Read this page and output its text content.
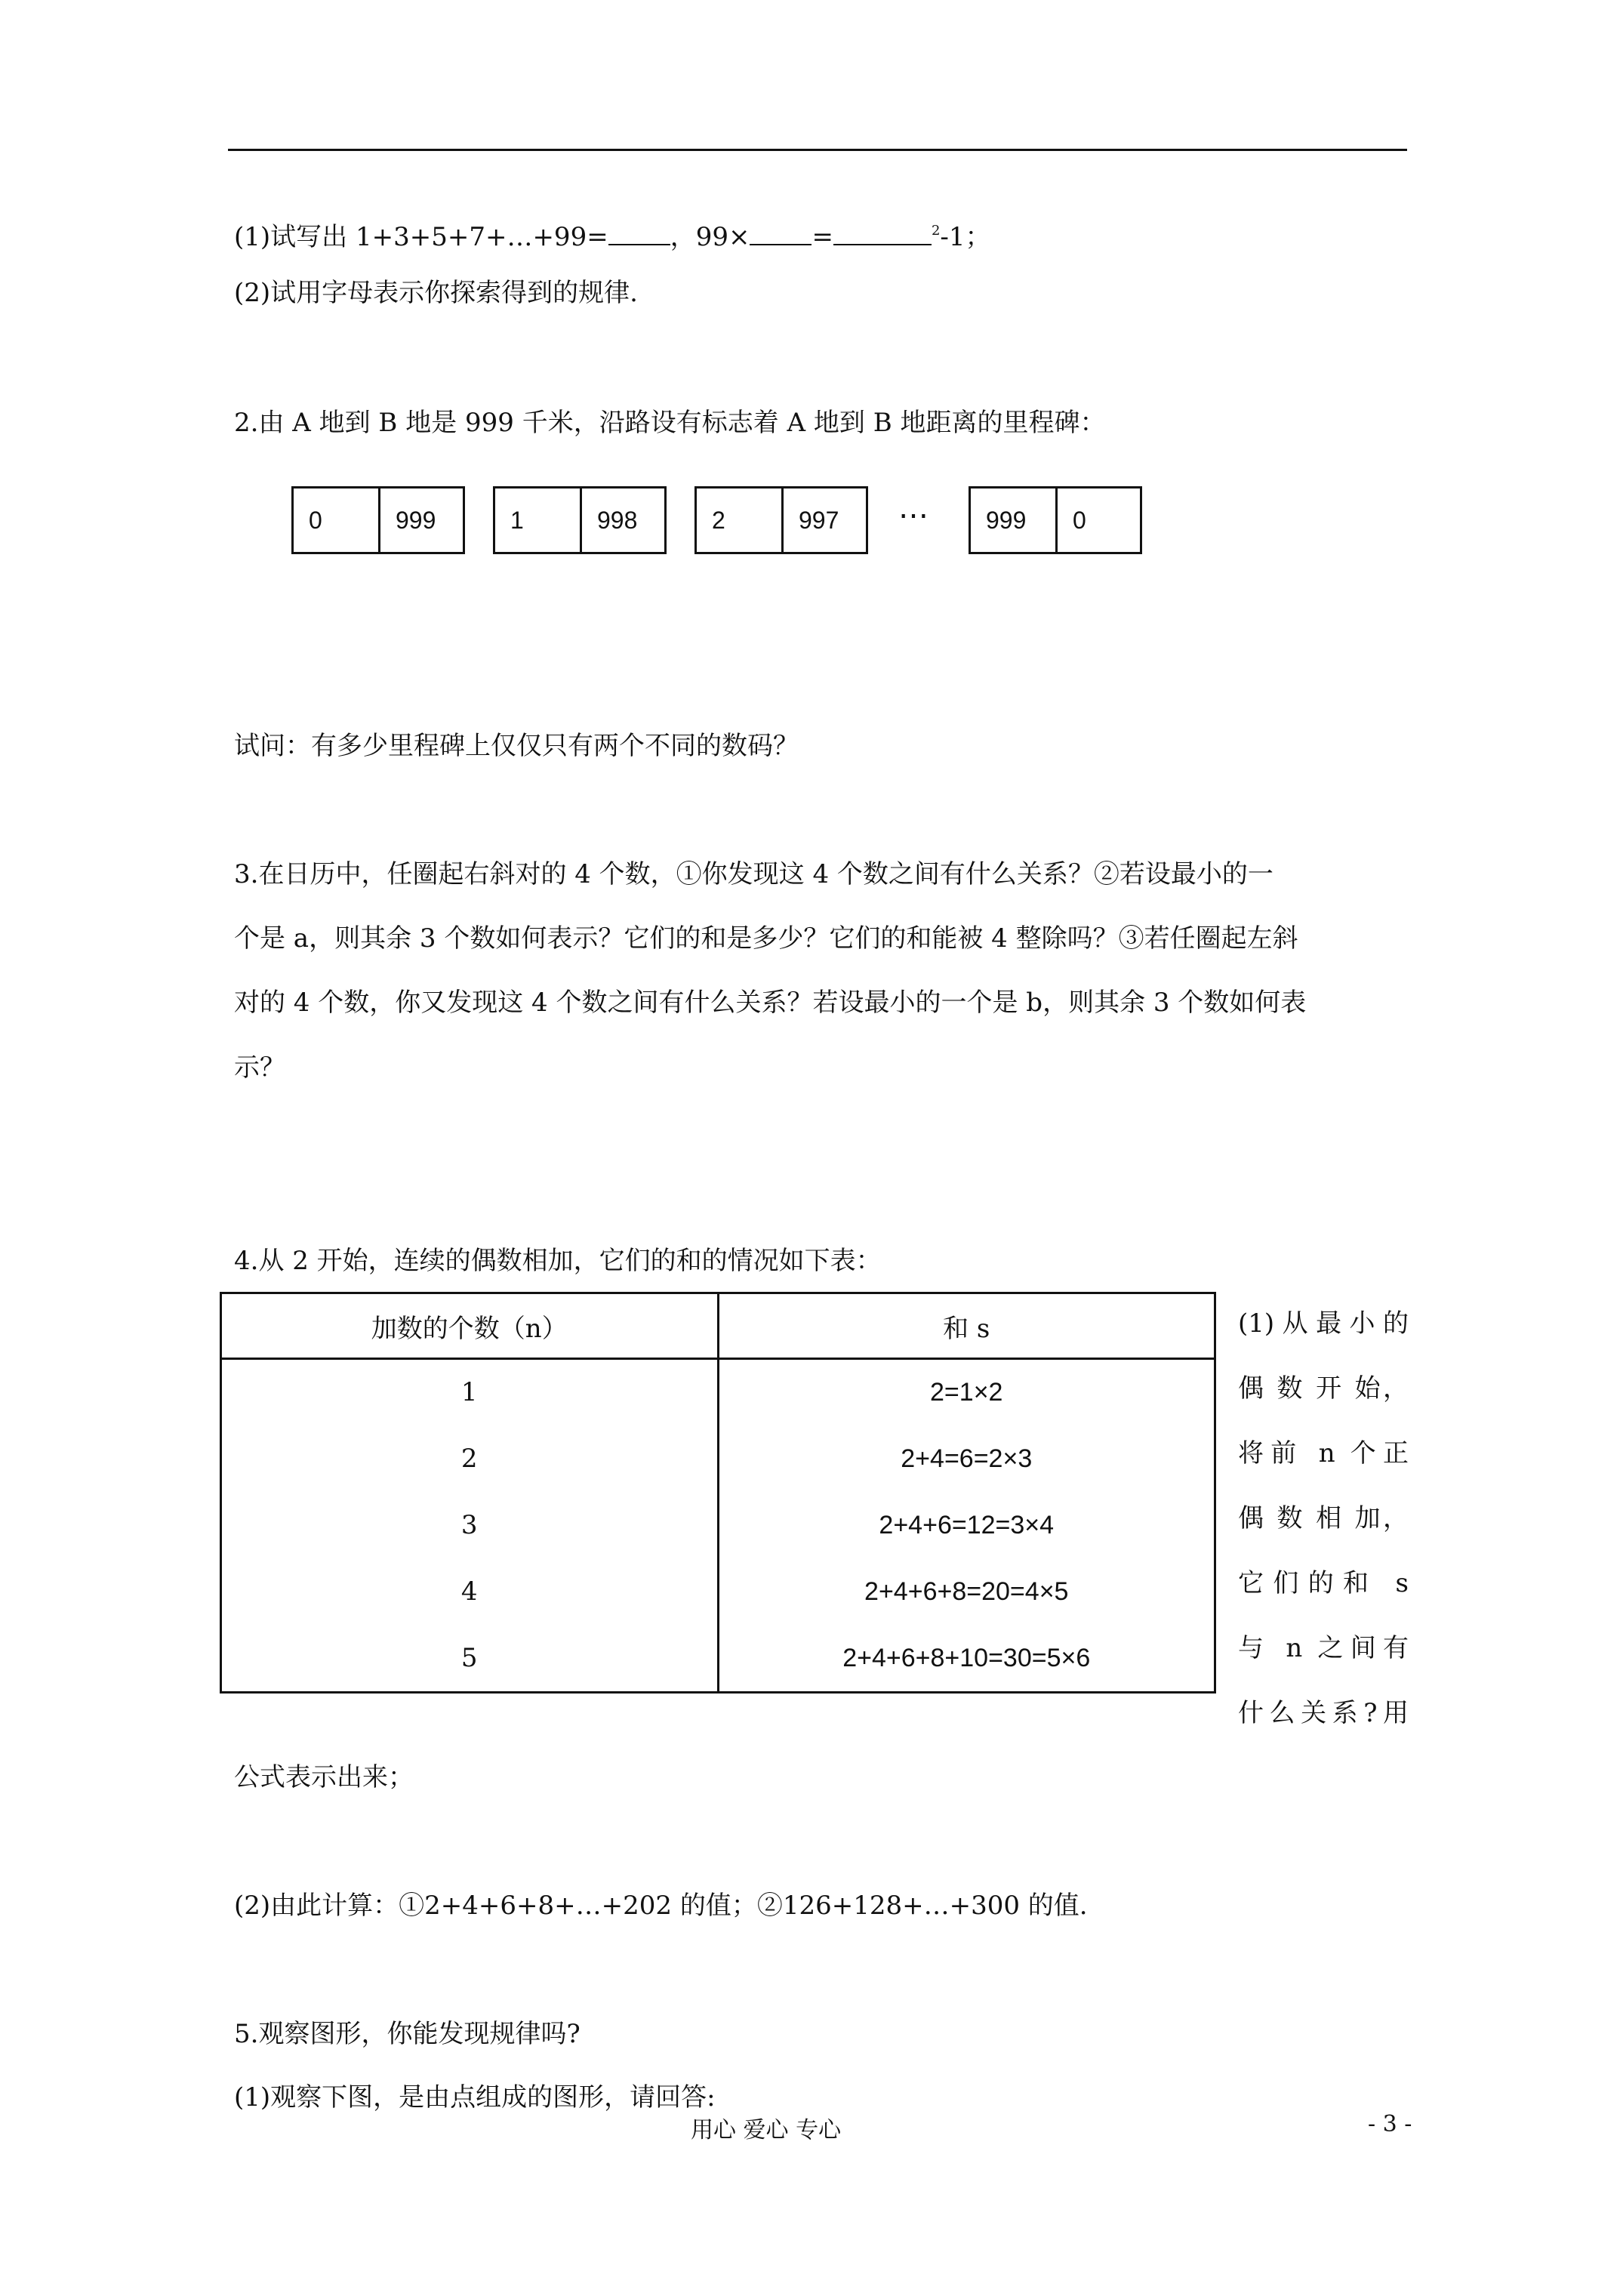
(1)试写出 1+3+5+7+…+99= ，99× =	$^2$-1；
(2)试用字母表示你探索得到的规律.
2.由 A 地到 B 地是 999 千米，沿路设有标志着 A 地到 B 地距离的里程碑：
0	999	1	998	2	997	…	999	0
试问：有多少里程碑上仅仅只有两个不同的数码？
3.在日历中，任圈起右斜对的 4 个数，①你发现这 4 个数之间有什么关系？②若设最小的一
个是 a，则其余 3 个数如何表示？它们的和是多少？它们的和能被 4 整除吗？③若任圈起左斜
对的 4 个数，你又发现这 4 个数之间有什么关系？若设最小的一个是 b，则其余 3 个数如何表
示？
4.从 2 开始，连续的偶数相加，它们的和的情况如下表：
加数的个数（n）	和 s
1	2=1×2
2	2+4=6=2×3
3	2+4+6=12=3×4
4	2+4+6+8=20=4×5
5	2+4+6+8+10=30=5×6
(1)从最小的
偶 数 开 始，
将前 n 个正
偶 数 相 加，
它们的和 s
与 n 之间有
什么关系?用
公式表示出来；
(2)由此计算：①2+4+6+8+…+202 的值；②126+128+…+300 的值.
5.观察图形，你能发现规律吗?
(1)观察下图，是由点组成的图形，请回答:
用心 爱心 专心	- 3 -
